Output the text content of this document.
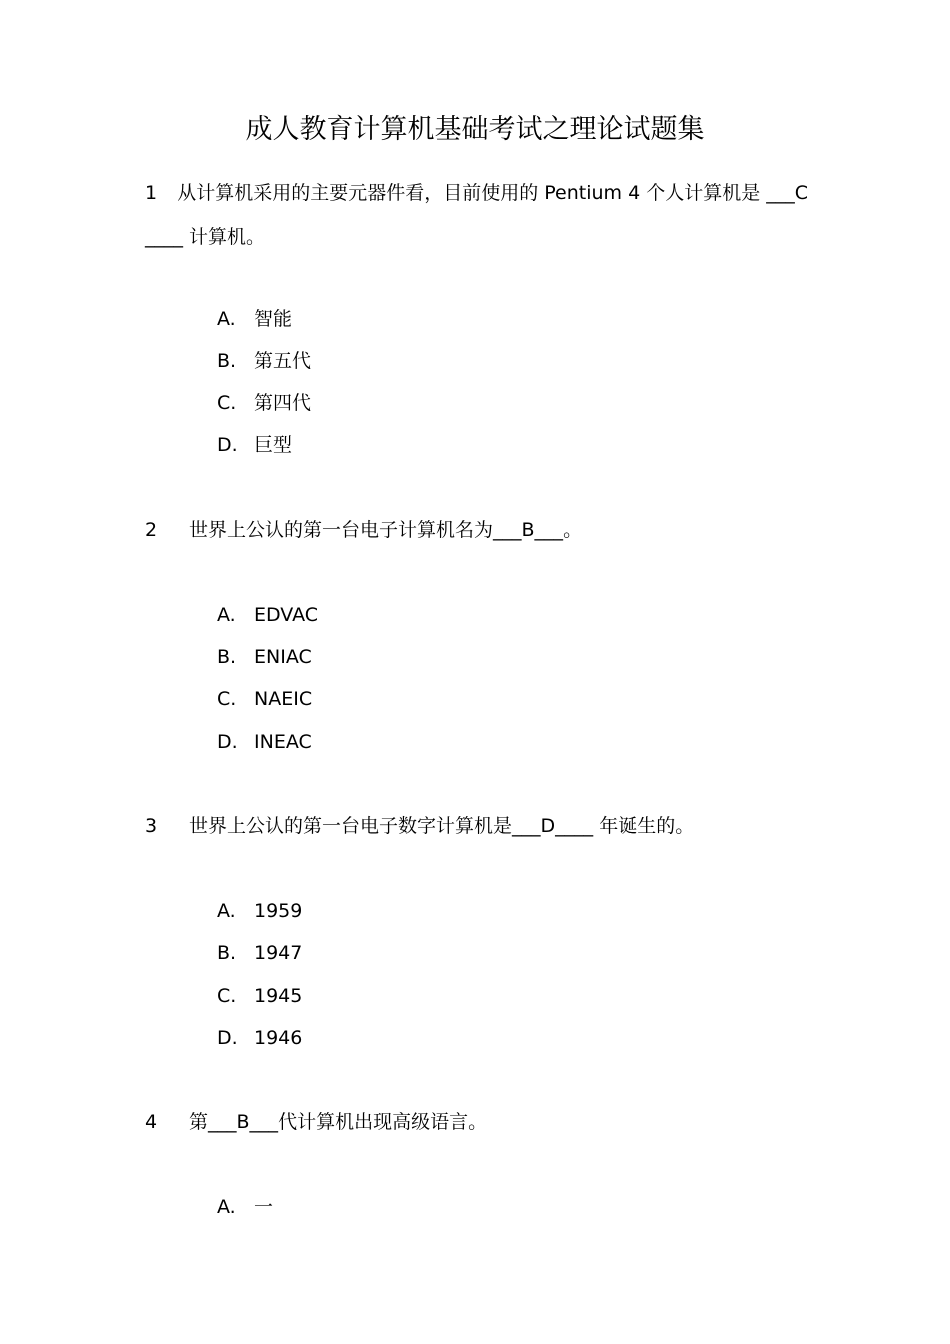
成人教育计算机基础考试之理论试题集
1 从计算机采用的主要元器件看，目前使用的 Pentium 4 个人计算机是 ___C
____ 计算机。
A. 智能
B. 第五代
C. 第四代
D. 巨型
2 世界上公认的第一台电子计算机名为___B___。
A. EDVAC
B. ENIAC
C. NAEIC
D. INEAC
3 世界上公认的第一台电子数字计算机是___D____ 年诞生的。
A. 1959
B. 1947
C. 1945
D. 1946
4 第___B___代计算机出现高级语言。
A. 一
